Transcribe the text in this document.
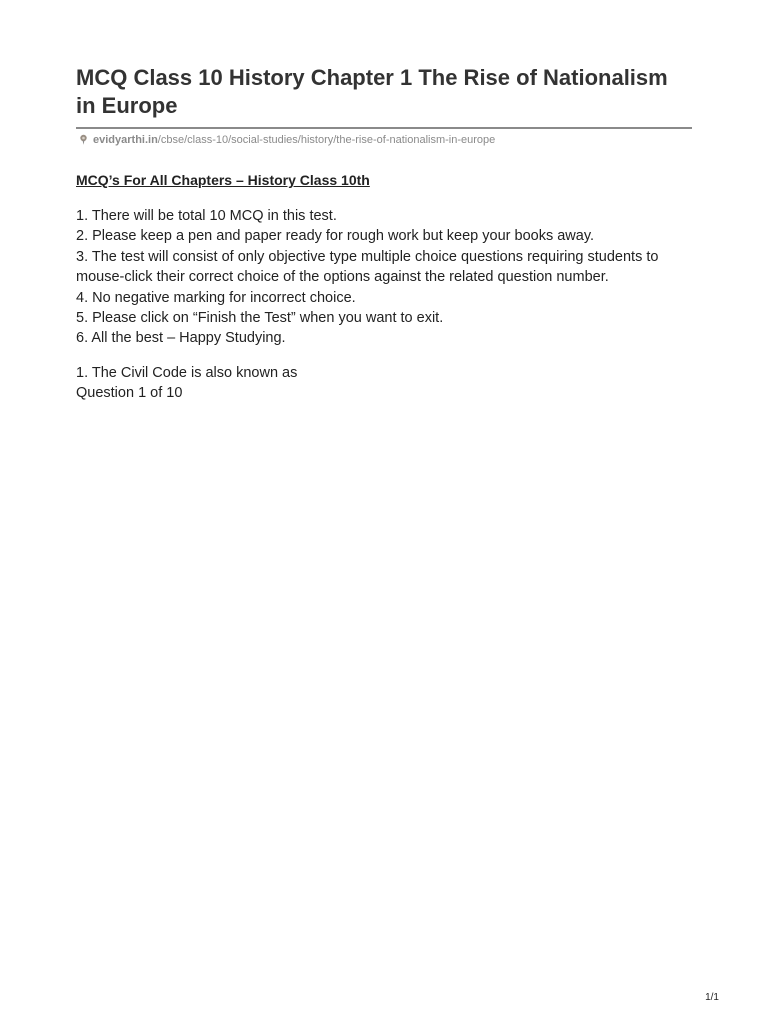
MCQ Class 10 History Chapter 1 The Rise of Nationalism in Europe
evidyarthi.in/cbse/class-10/social-studies/history/the-rise-of-nationalism-in-europe
MCQ’s For All Chapters – History Class 10th
1. There will be total 10 MCQ in this test.
2. Please keep a pen and paper ready for rough work but keep your books away.
3. The test will consist of only objective type multiple choice questions requiring students to mouse-click their correct choice of the options against the related question number.
4. No negative marking for incorrect choice.
5. Please click on “Finish the Test” when you want to exit.
6. All the best – Happy Studying.
1. The Civil Code is also known as
Question 1 of 10
1/1
